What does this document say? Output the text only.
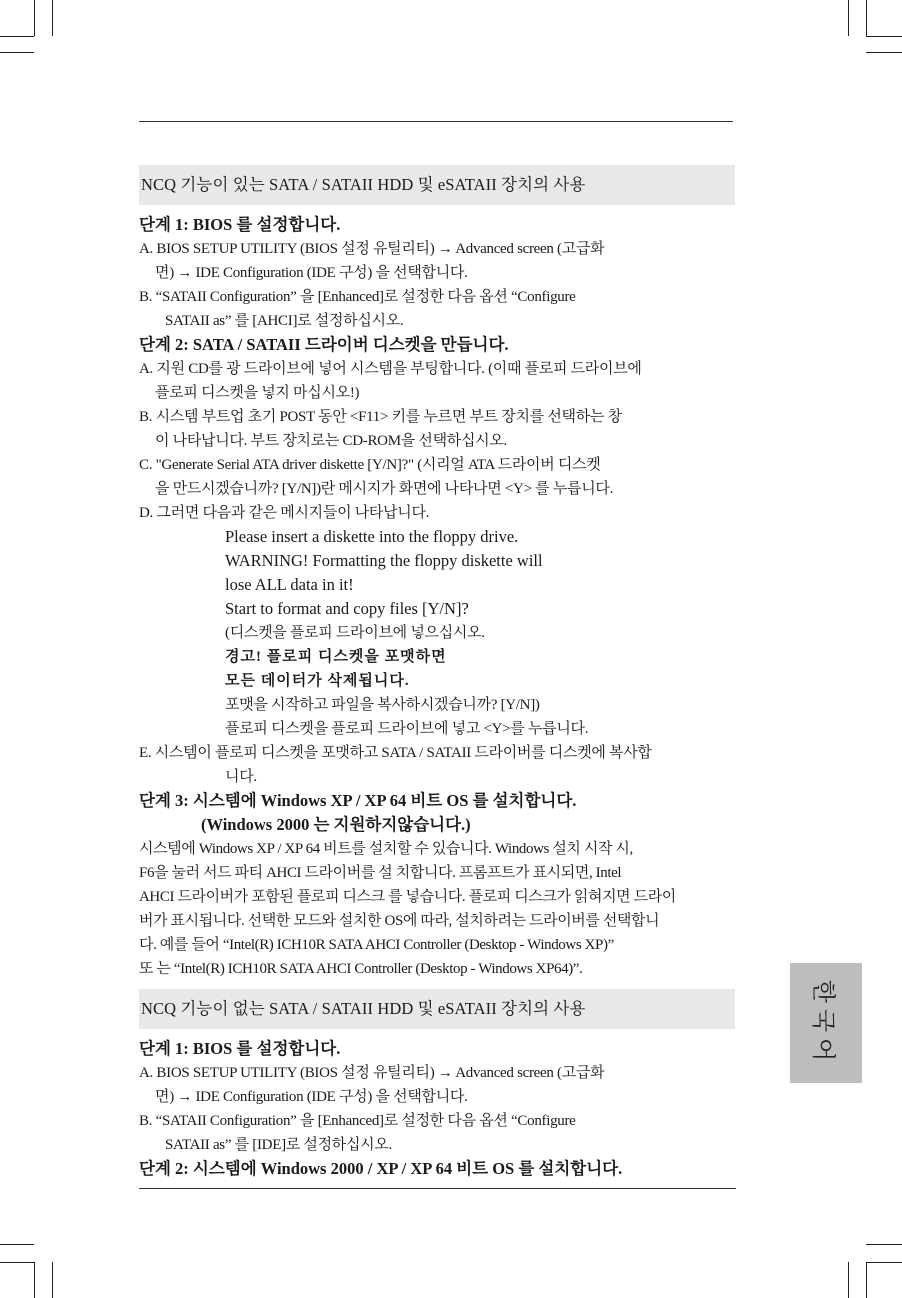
한국어
NCQ 기능이 있는 SATA / SATAII HDD 및 eSATAII 장치의 사용
단계 1: BIOS 를 설정합니다.
A. BIOS SETUP UTILITY (BIOS 설정 유틸리티) → Advanced screen (고급화
면) → IDE Configuration (IDE 구성) 을 선택합니다.
B. “SATAII Configuration” 을 [Enhanced]로 설정한 다음 옵션 “Configure
SATAII as” 를 [AHCI]로 설정하십시오.
단계 2: SATA / SATAII 드라이버 디스켓을 만듭니다.
A. 지원 CD를 광 드라이브에 넣어 시스템을 부팅합니다. (이때 플로피 드라이브에
플로피 디스켓을 넣지 마십시오!)
B. 시스템 부트업 초기 POST 동안 <F11> 키를 누르면 부트 장치를 선택하는 창
이 나타납니다. 부트 장치로는 CD-ROM을 선택하십시오.
C. "Generate Serial ATA driver diskette [Y/N]?" (시리얼 ATA 드라이버 디스켓
을 만드시겠습니까? [Y/N])란 메시지가 화면에 나타나면 <Y> 를 누릅니다.
D. 그러면 다음과 같은 메시지들이 나타납니다.
Please insert a diskette into the floppy drive.
WARNING! Formatting the floppy diskette will
lose ALL data in it!
Start to format and copy files [Y/N]?
(디스켓을 플로피 드라이브에 넣으십시오.
경고! 플로피 디스켓을 포맷하면
모든 데이터가 삭제됩니다.
포맷을 시작하고 파일을 복사하시겠습니까? [Y/N])
플로피 디스켓을 플로피 드라이브에 넣고 <Y>를 누릅니다.
E. 시스템이 플로피 디스켓을 포맷하고 SATA / SATAII 드라이버를 디스켓에 복사합
니다.
단계 3: 시스템에 Windows XP / XP 64 비트 OS 를 설치합니다.
(Windows 2000 는 지원하지않습니다.)
시스템에 Windows XP / XP 64 비트를 설치할 수 있습니다. Windows 설치 시작 시,
F6을 눌러 서드 파티 AHCI 드라이버를 설 치합니다. 프롬프트가 표시되면, Intel
AHCI 드라이버가 포함된 플로피 디스크 를 넣습니다. 플로피 디스크가 읽혀지면 드라이
버가 표시됩니다. 선택한 모드와 설치한 OS에 따라, 설치하려는 드라이버를 선택합니
다. 예를 들어 “Intel(R) ICH10R SATA AHCI Controller (Desktop - Windows XP)”
또 는 “Intel(R) ICH10R SATA AHCI Controller (Desktop - Windows XP64)”.
NCQ 기능이 없는 SATA / SATAII HDD 및 eSATAII 장치의 사용
단계 1: BIOS 를 설정합니다.
A. BIOS SETUP UTILITY (BIOS 설정 유틸리티) → Advanced screen (고급화
면) → IDE Configuration (IDE 구성) 을 선택합니다.
B. “SATAII Configuration” 을 [Enhanced]로 설정한 다음 옵션 “Configure
SATAII as” 를 [IDE]로 설정하십시오.
단계 2: 시스템에 Windows 2000 / XP / XP 64 비트 OS 를 설치합니다.
